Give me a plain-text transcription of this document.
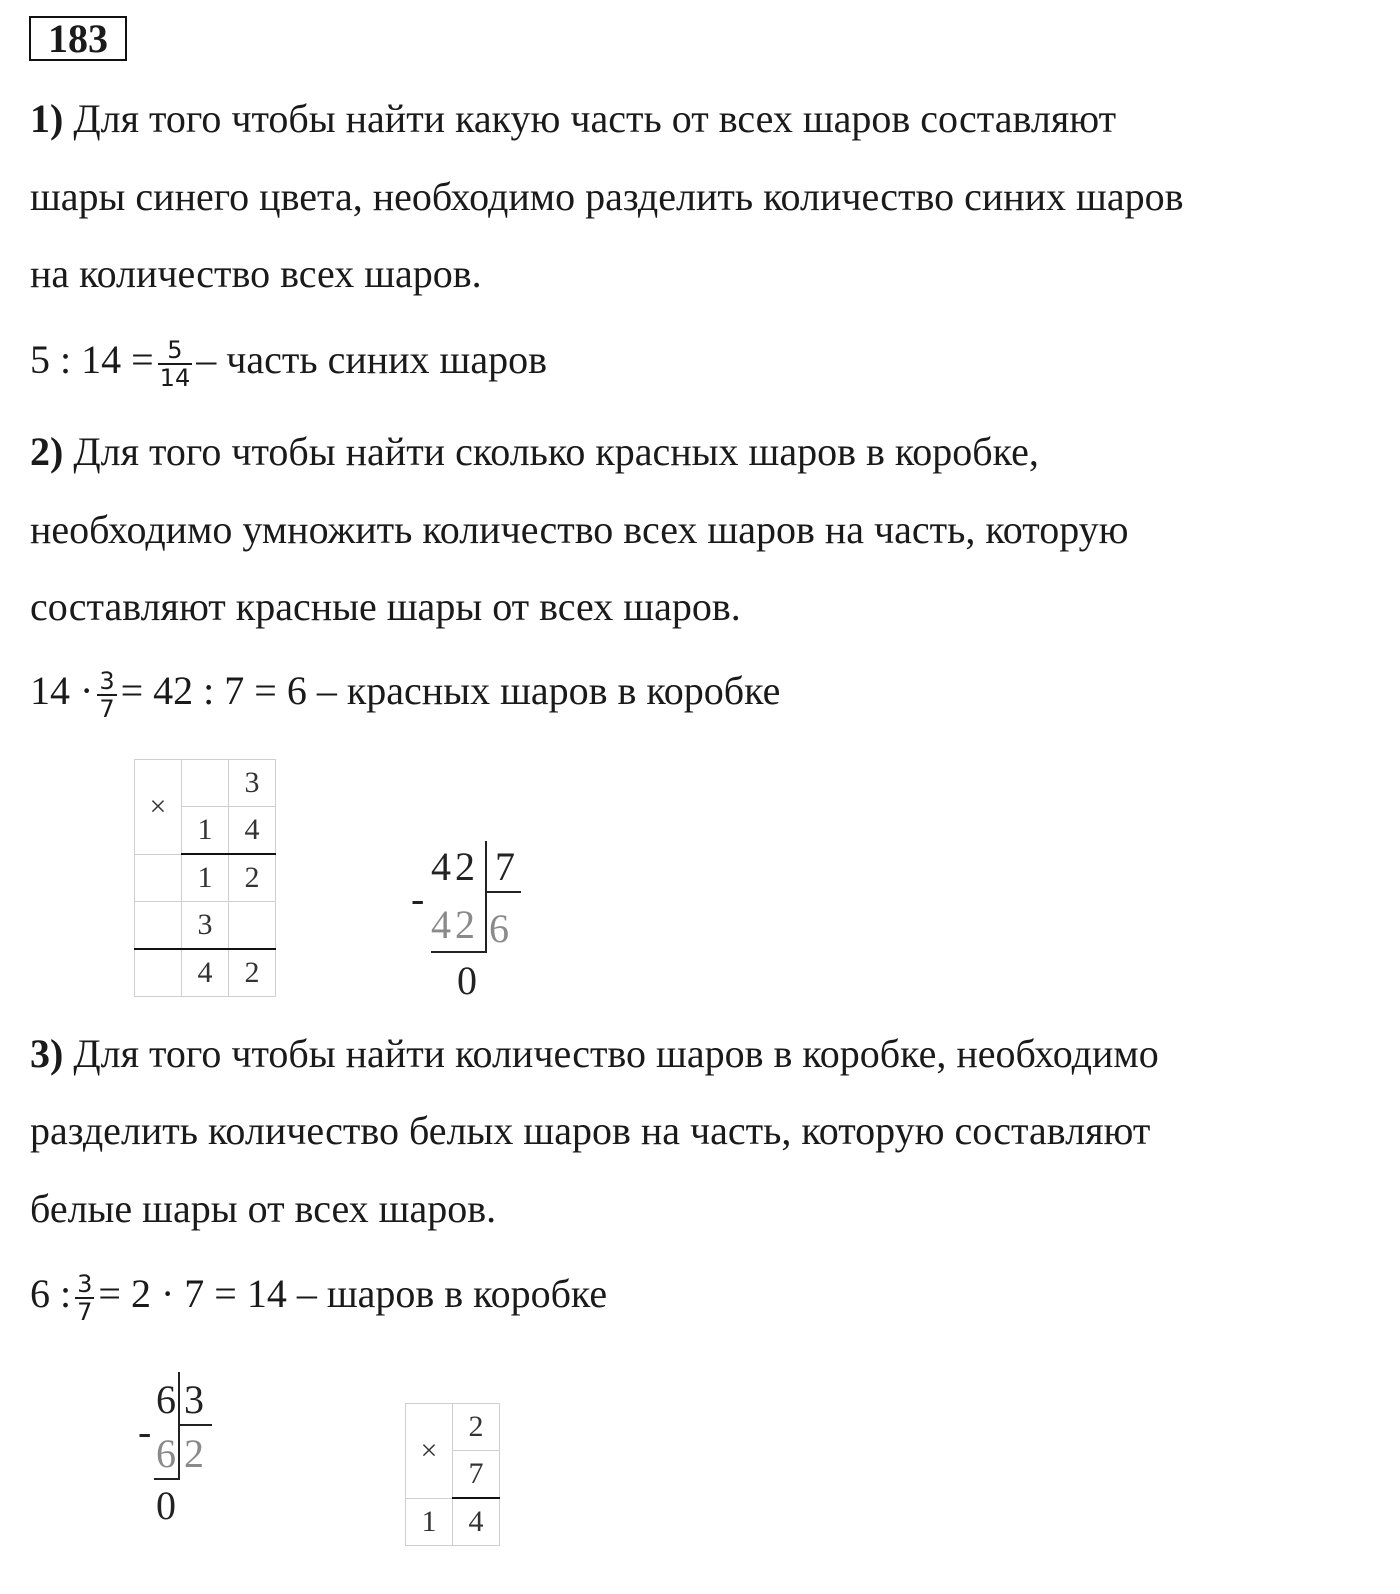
183
1) Для того чтобы найти какую часть от всех шаров составляют
шары синего цвета, необходимо разделить количество синих шаров
на количество всех шаров.
5 : $14 = \frac{5}{14}$ – часть синих шаров
2) Для того чтобы найти сколько красных шаров в коробке,
необходимо умножить количество всех шаров на часть, которую
составляют красные шары от всех шаров.
$14 \cdot \frac{3}{7} = 42$ : 7 = 6 – красных шаров в коробке
×		3
	1	4
	1	2
	3	
	4	2
42 7
-
42 6
0
3) Для того чтобы найти количество шаров в коробке, необходимо
разделить количество белых шаров на часть, которую составляют
белые шары от всех шаров.
6 : $\frac{3}{7} = 2 \cdot 7 = 14$ – шаров в коробке
6 3
- 6 2
0
×	2
	7
1	4
